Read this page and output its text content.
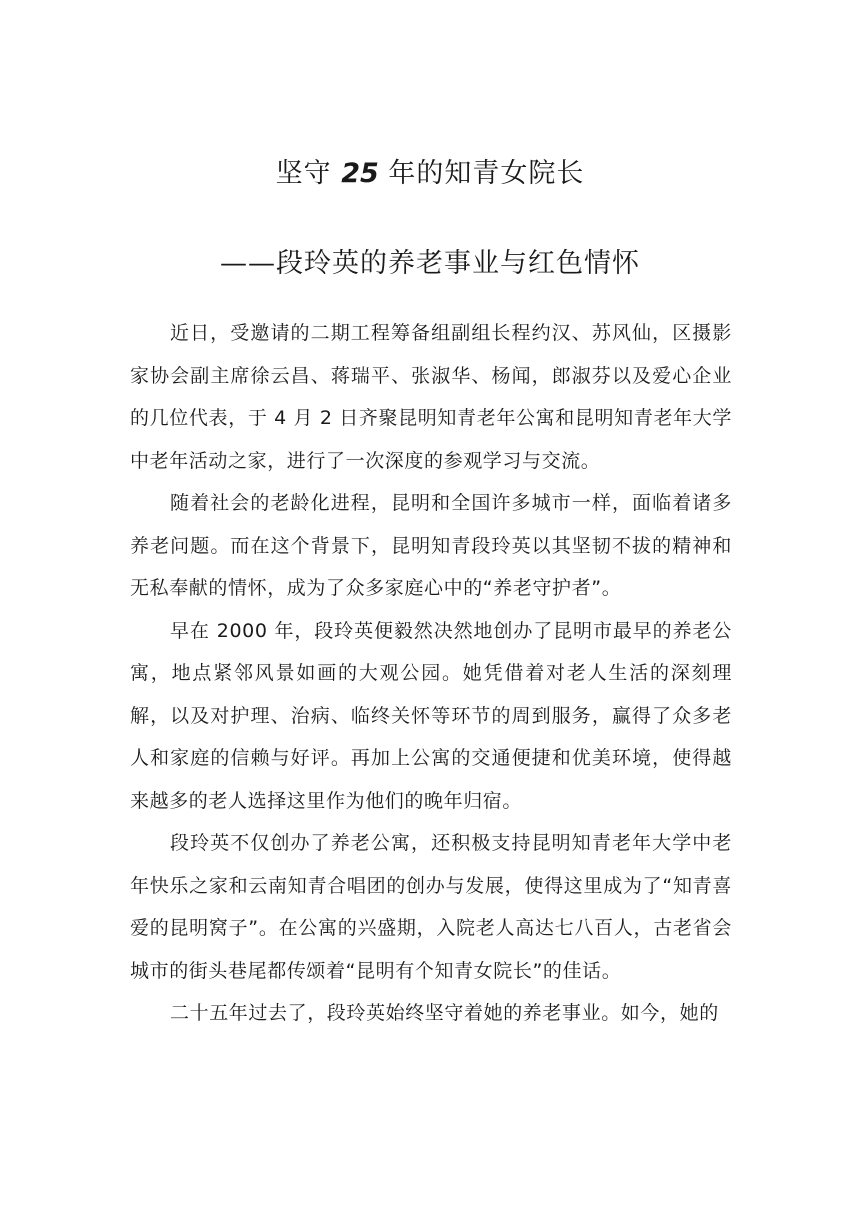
坚守 25 年的知青女院长
——段玲英的养老事业与红色情怀

近日，受邀请的二期工程筹备组副组长程约汉、苏风仙，区摄影家协会副主席徐云昌、蒋瑞平、张淑华、杨闻，郎淑芬以及爱心企业的几位代表，于 4 月 2 日齐聚昆明知青老年公寓和昆明知青老年大学中老年活动之家，进行了一次深度的参观学习与交流。

随着社会的老龄化进程，昆明和全国许多城市一样，面临着诸多养老问题。而在这个背景下，昆明知青段玲英以其坚韧不拔的精神和无私奉献的情怀，成为了众多家庭心中的“养老守护者”。

早在 2000 年，段玲英便毅然决然地创办了昆明市最早的养老公寓，地点紧邻风景如画的大观公园。她凭借着对老人生活的深刻理解，以及对护理、治病、临终关怀等环节的周到服务，赢得了众多老人和家庭的信赖与好评。再加上公寓的交通便捷和优美环境，使得越来越多的老人选择这里作为他们的晚年归宿。

段玲英不仅创办了养老公寓，还积极支持昆明知青老年大学中老年快乐之家和云南知青合唱团的创办与发展，使得这里成为了“知青喜爱的昆明窝子”。在公寓的兴盛期，入院老人高达七八百人，古老省会城市的街头巷尾都传颂着“昆明有个知青女院长”的佳话。

二十五年过去了，段玲英始终坚守着她的养老事业。如今，她的
